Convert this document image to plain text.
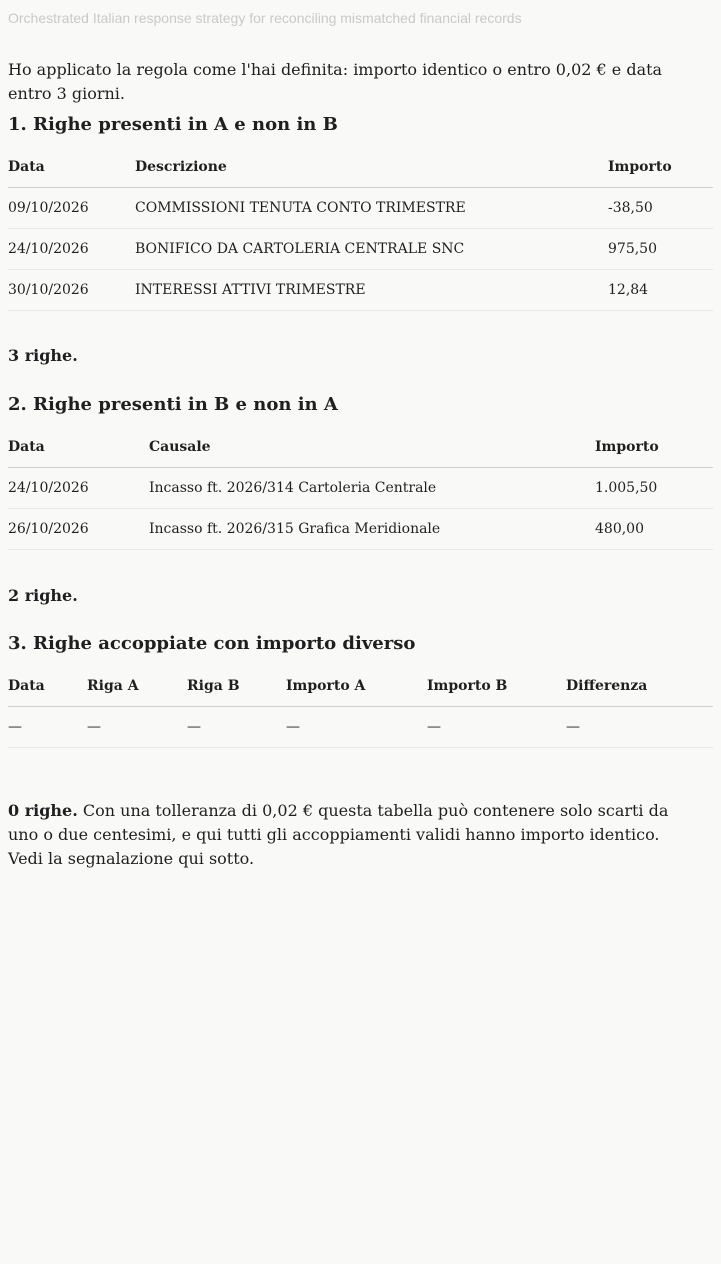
Orchestrated Italian response strategy for reconciling mismatched financial records

Ho applicato la regola come l'hai definita: importo identico o entro 0,02 € e data entro 3 giorni.

1. Righe presenti in A e non in B
Data	Descrizione	Importo
09/10/2026	COMMISSIONI TENUTA CONTO TRIMESTRE	-38,50
24/10/2026	BONIFICO DA CARTOLERIA CENTRALE SNC	975,50
30/10/2026	INTERESSI ATTIVI TRIMESTRE	12,84
3 righe.
2. Righe presenti in B e non in A
Data	Causale	Importo
24/10/2026	Incasso ft. 2026/314 Cartoleria Centrale	1.005,50
26/10/2026	Incasso ft. 2026/315 Grafica Meridionale	480,00
2 righe.
3. Righe accoppiate con importo diverso
Data	Riga A	Riga B	Importo A	Importo B	Differenza
—	—	—	—	—	—

0 righe. Con una tolleranza di 0,02 € questa tabella può contenere solo scarti da uno o due centesimi, e qui tutti gli accoppiamenti validi hanno importo identico. Vedi la segnalazione qui sotto.
